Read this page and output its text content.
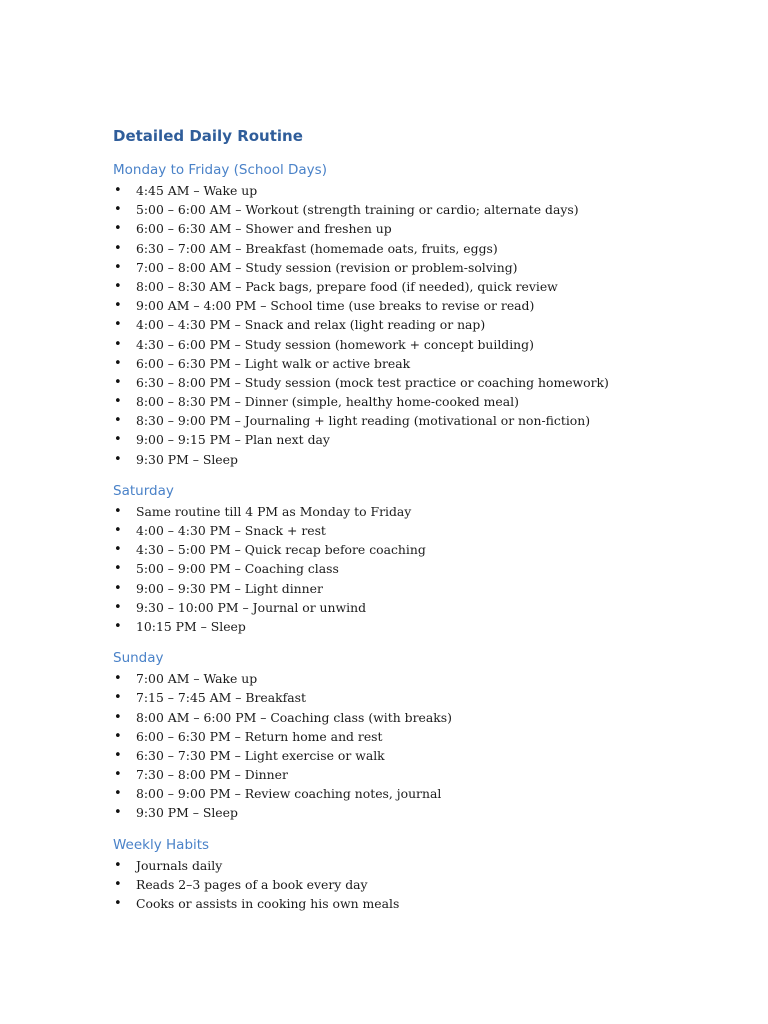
Detailed Daily Routine
Monday to Friday (School Days)
• 4:45 AM – Wake up
• 5:00 – 6:00 AM – Workout (strength training or cardio; alternate days)
• 6:00 – 6:30 AM – Shower and freshen up
• 6:30 – 7:00 AM – Breakfast (homemade oats, fruits, eggs)
• 7:00 – 8:00 AM – Study session (revision or problem-solving)
• 8:00 – 8:30 AM – Pack bags, prepare food (if needed), quick review
• 9:00 AM – 4:00 PM – School time (use breaks to revise or read)
• 4:00 – 4:30 PM – Snack and relax (light reading or nap)
• 4:30 – 6:00 PM – Study session (homework + concept building)
• 6:00 – 6:30 PM – Light walk or active break
• 6:30 – 8:00 PM – Study session (mock test practice or coaching homework)
• 8:00 – 8:30 PM – Dinner (simple, healthy home-cooked meal)
• 8:30 – 9:00 PM – Journaling + light reading (motivational or non-fiction)
• 9:00 – 9:15 PM – Plan next day
• 9:30 PM – Sleep
Saturday
• Same routine till 4 PM as Monday to Friday
• 4:00 – 4:30 PM – Snack + rest
• 4:30 – 5:00 PM – Quick recap before coaching
• 5:00 – 9:00 PM – Coaching class
• 9:00 – 9:30 PM – Light dinner
• 9:30 – 10:00 PM – Journal or unwind
• 10:15 PM – Sleep
Sunday
• 7:00 AM – Wake up
• 7:15 – 7:45 AM – Breakfast
• 8:00 AM – 6:00 PM – Coaching class (with breaks)
• 6:00 – 6:30 PM – Return home and rest
• 6:30 – 7:30 PM – Light exercise or walk
• 7:30 – 8:00 PM – Dinner
• 8:00 – 9:00 PM – Review coaching notes, journal
• 9:30 PM – Sleep
Weekly Habits
• Journals daily
• Reads 2–3 pages of a book every day
• Cooks or assists in cooking his own meals
